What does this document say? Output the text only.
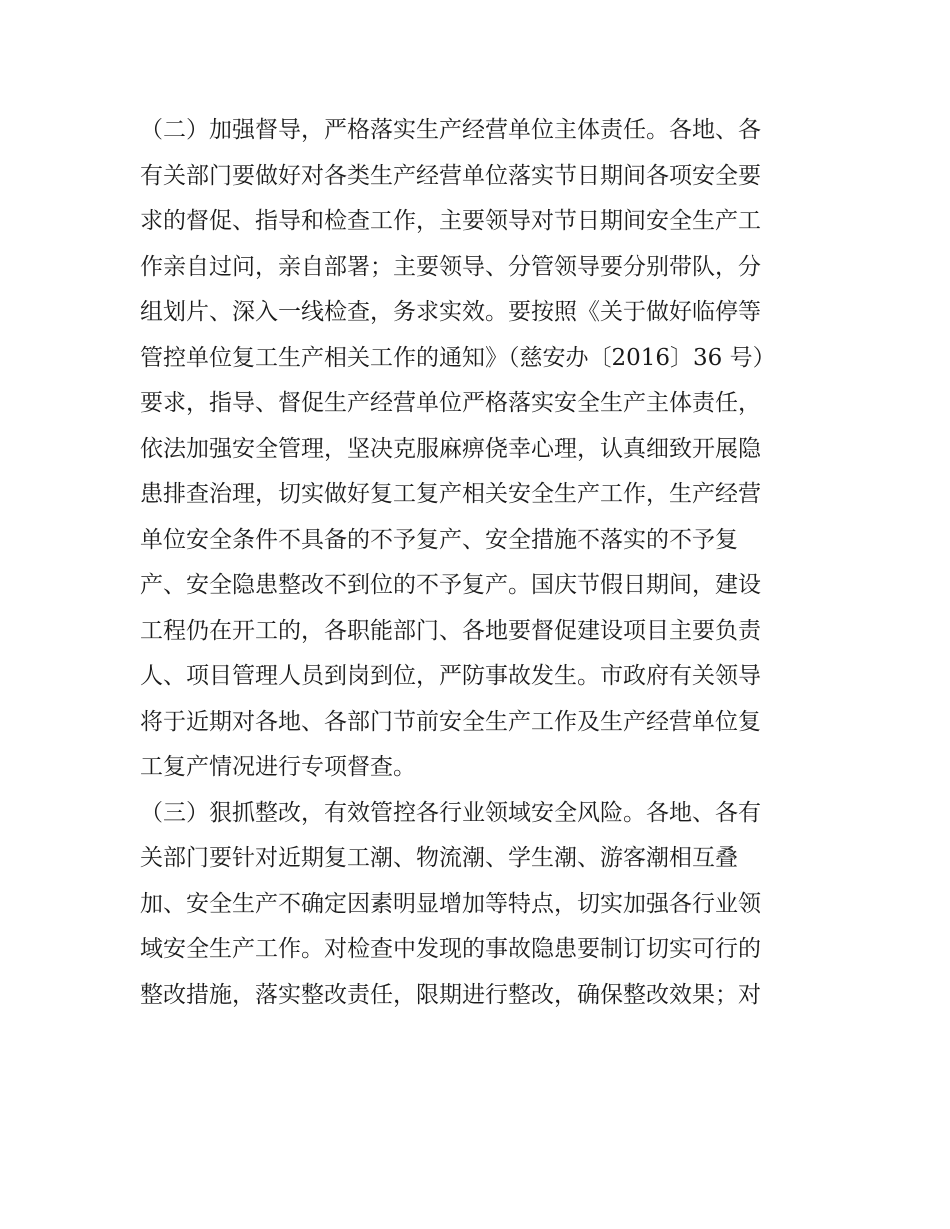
（二）加强督导，严格落实生产经营单位主体责任。各地、各
有关部门要做好对各类生产经营单位落实节日期间各项安全要
求的督促、指导和检查工作，主要领导对节日期间安全生产工
作亲自过问，亲自部署；主要领导、分管领导要分别带队，分
组划片、深入一线检查，务求实效。要按照《关于做好临停等
管控单位复工生产相关工作的通知》（慈安办〔2016〕36 号）
要求，指导、督促生产经营单位严格落实安全生产主体责任，
依法加强安全管理，坚决克服麻痹侥幸心理，认真细致开展隐
患排查治理，切实做好复工复产相关安全生产工作，生产经营
单位安全条件不具备的不予复产、安全措施不落实的不予复
产、安全隐患整改不到位的不予复产。国庆节假日期间，建设
工程仍在开工的，各职能部门、各地要督促建设项目主要负责
人、项目管理人员到岗到位，严防事故发生。市政府有关领导
将于近期对各地、各部门节前安全生产工作及生产经营单位复
工复产情况进行专项督查。
（三）狠抓整改，有效管控各行业领域安全风险。各地、各有
关部门要针对近期复工潮、物流潮、学生潮、游客潮相互叠
加、安全生产不确定因素明显增加等特点，切实加强各行业领
域安全生产工作。对检查中发现的事故隐患要制订切实可行的
整改措施，落实整改责任，限期进行整改，确保整改效果；对
